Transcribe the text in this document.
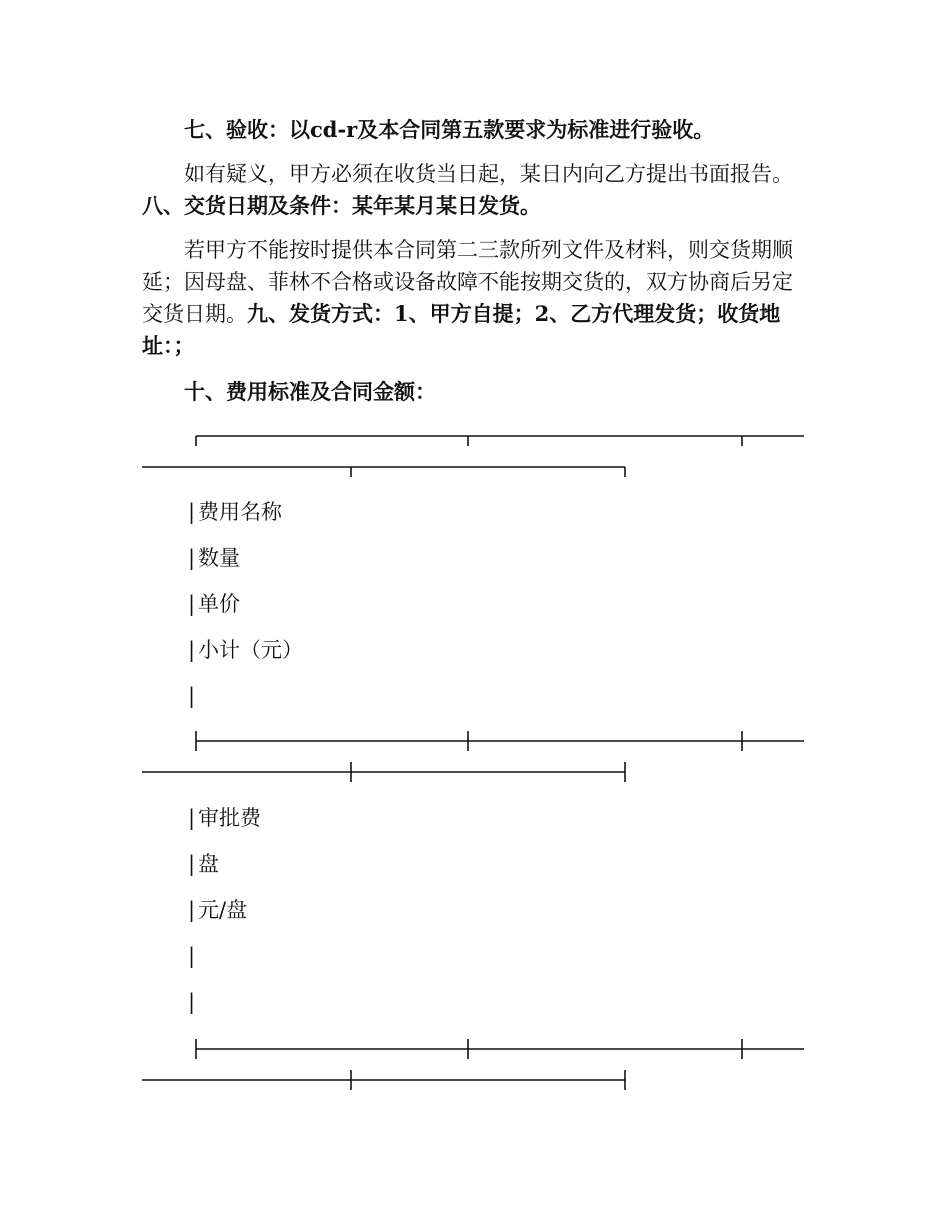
七、验收：以cd-r及本合同第五款要求为标准进行验收。

如有疑义，甲方必须在收货当日起，某日内向乙方提出书面报告。八、交货日期及条件：某年某月某日发货。

若甲方不能按时提供本合同第二三款所列文件及材料，则交货期顺延；因母盘、菲林不合格或设备故障不能按期交货的，双方协商后另定交货日期。九、发货方式：1、甲方自提；2、乙方代理发货；收货地址：；

十、费用标准及合同金额：

| 费用名称

| 数量

| 单价

| 小计（元）

|

| 审批费

| 盘

| 元/盘

|

|
